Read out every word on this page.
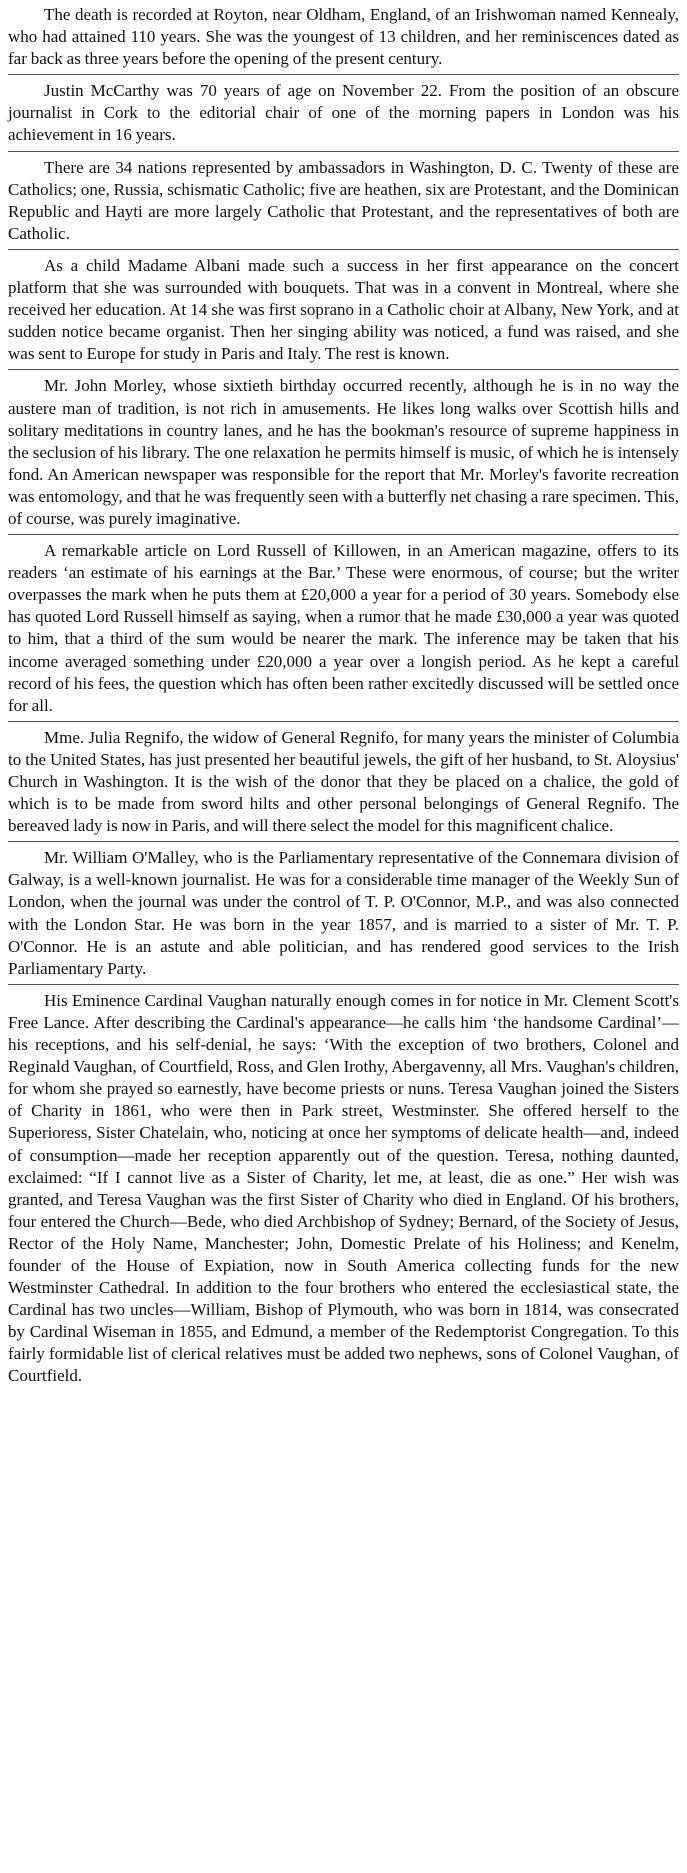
The death is recorded at Royton, near Oldham, England, of an Irishwoman named Kennealy, who had attained 110 years. She was the youngest of 13 children, and her reminiscences dated as far back as three years before the opening of the present century.

Justin McCarthy was 70 years of age on November 22. From the position of an obscure journalist in Cork to the editorial chair of one of the morning papers in London was his achievement in 16 years.

There are 34 nations represented by ambassadors in Washington, D. C. Twenty of these are Catholics; one, Russia, schismatic Catholic; five are heathen, six are Protestant, and the Dominican Republic and Hayti are more largely Catholic that Protestant, and the representatives of both are Catholic.

As a child Madame Albani made such a success in her first appearance on the concert platform that she was surrounded with bouquets. That was in a convent in Montreal, where she received her education. At 14 she was first soprano in a Catholic choir at Albany, New York, and at sudden notice became organist. Then her singing ability was noticed, a fund was raised, and she was sent to Europe for study in Paris and Italy. The rest is known.

Mr. John Morley, whose sixtieth birthday occurred recently, although he is in no way the austere man of tradition, is not rich in amusements. He likes long walks over Scottish hills and solitary meditations in country lanes, and he has the bookman's resource of supreme happiness in the seclusion of his library. The one relaxation he permits himself is music, of which he is intensely fond. An American newspaper was responsible for the report that Mr. Morley's favorite recreation was entomology, and that he was frequently seen with a butterfly net chasing a rare specimen. This, of course, was purely imaginative.

A remarkable article on Lord Russell of Killowen, in an American magazine, offers to its readers ‘an estimate of his earnings at the Bar.’ These were enormous, of course; but the writer overpasses the mark when he puts them at £20,000 a year for a period of 30 years. Somebody else has quoted Lord Russell himself as saying, when a rumor that he made £30,000 a year was quoted to him, that a third of the sum would be nearer the mark. The inference may be taken that his income averaged something under £20,000 a year over a longish period. As he kept a careful record of his fees, the question which has often been rather excitedly discussed will be settled once for all.

Mme. Julia Regnifo, the widow of General Regnifo, for many years the minister of Columbia to the United States, has just presented her beautiful jewels, the gift of her husband, to St. Aloysius' Church in Washington. It is the wish of the donor that they be placed on a chalice, the gold of which is to be made from sword hilts and other personal belongings of General Regnifo. The bereaved lady is now in Paris, and will there select the model for this magnificent chalice.

Mr. William O'Malley, who is the Parliamentary representative of the Connemara division of Galway, is a well-known journalist. He was for a considerable time manager of the Weekly Sun of London, when the journal was under the control of T. P. O'Connor, M.P., and was also connected with the London Star. He was born in the year 1857, and is married to a sister of Mr. T. P. O'Connor. He is an astute and able politician, and has rendered good services to the Irish Parliamentary Party.

His Eminence Cardinal Vaughan naturally enough comes in for notice in Mr. Clement Scott's Free Lance. After describing the Cardinal's appearance—he calls him ‘the handsome Cardinal’—his receptions, and his self-denial, he says: ‘With the exception of two brothers, Colonel and Reginald Vaughan, of Courtfield, Ross, and Glen Irothy, Abergavenny, all Mrs. Vaughan's children, for whom she prayed so earnestly, have become priests or nuns. Teresa Vaughan joined the Sisters of Charity in 1861, who were then in Park street, Westminster. She offered herself to the Superioress, Sister Chatelain, who, noticing at once her symptoms of delicate health—and, indeed of consumption—made her reception apparently out of the question. Teresa, nothing daunted, exclaimed: “If I cannot live as a Sister of Charity, let me, at least, die as one.” Her wish was granted, and Teresa Vaughan was the first Sister of Charity who died in England. Of his brothers, four entered the Church—Bede, who died Archbishop of Sydney; Bernard, of the Society of Jesus, Rector of the Holy Name, Manchester; John, Domestic Prelate of his Holiness; and Kenelm, founder of the House of Expiation, now in South America collecting funds for the new Westminster Cathedral. In addition to the four brothers who entered the ecclesiastical state, the Cardinal has two uncles—William, Bishop of Plymouth, who was born in 1814, was consecrated by Cardinal Wiseman in 1855, and Edmund, a member of the Redemptorist Congregation. To this fairly formidable list of clerical relatives must be added two nephews, sons of Colonel Vaughan, of Courtfield.
